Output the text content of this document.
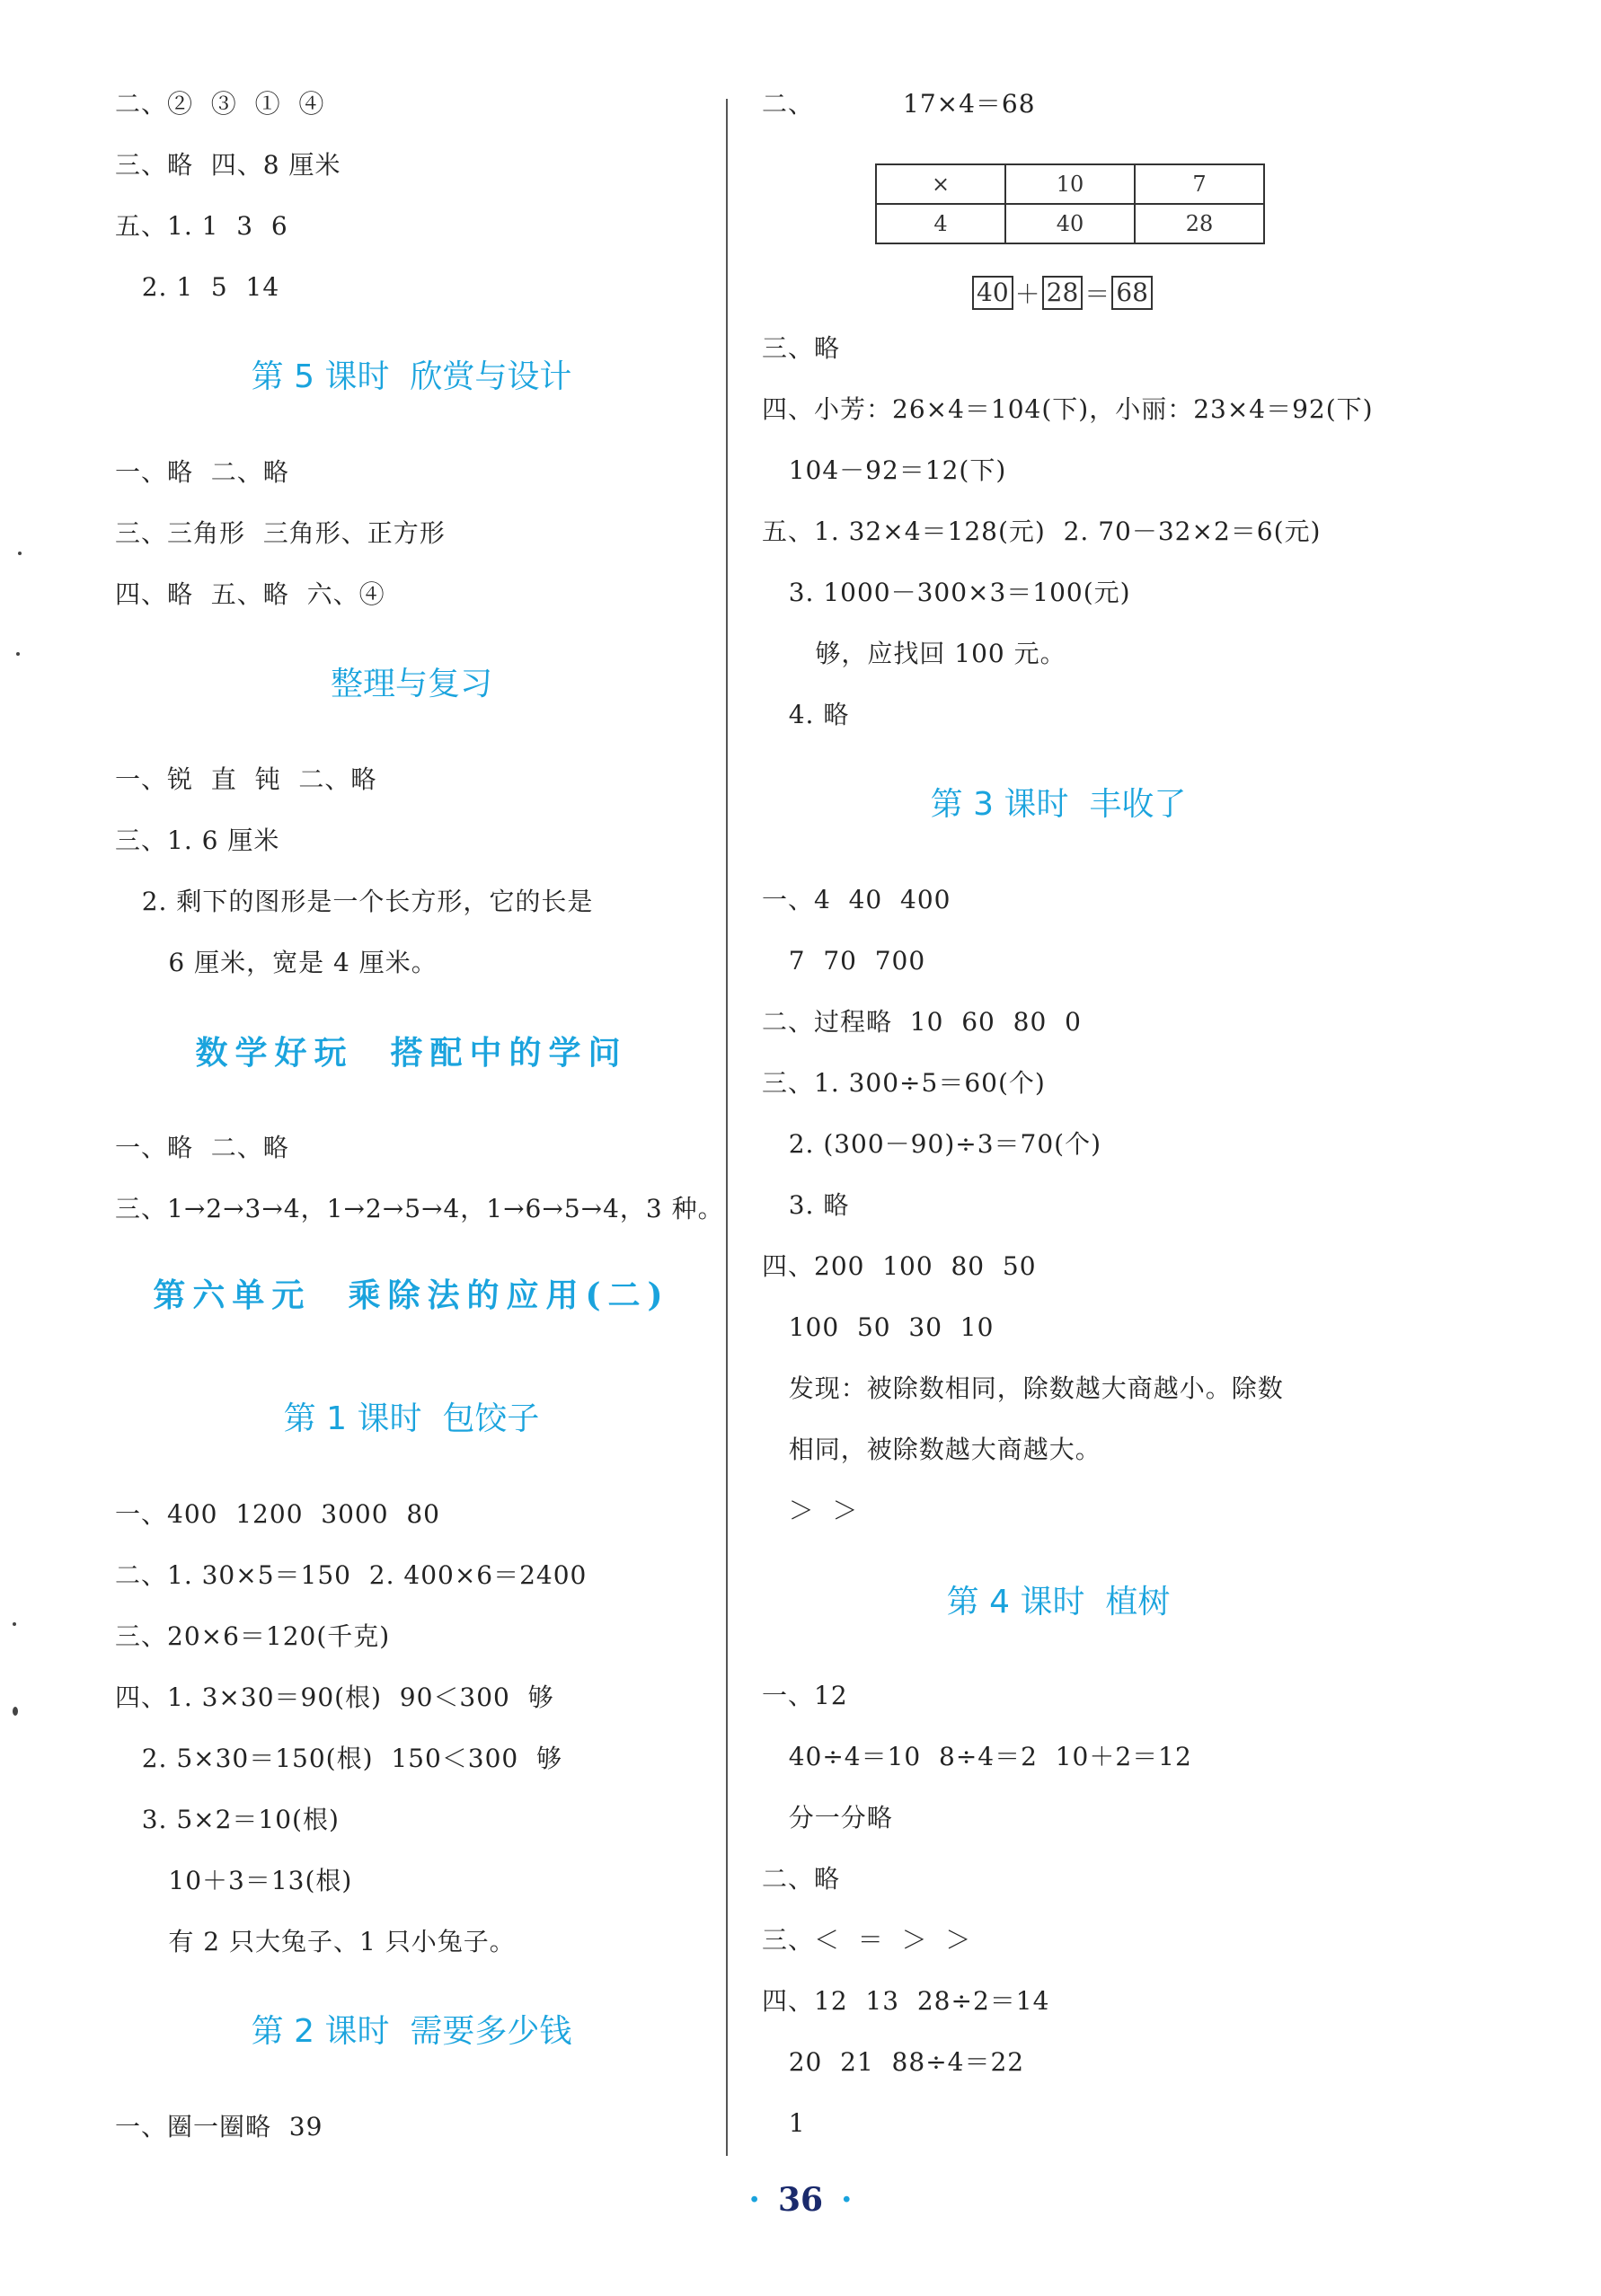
二、②  ③  ①  ④
三、略  四、8 厘米
五、1. 1  3  6
2. 1  5  14
一、略  二、略
三、三角形  三角形、正方形
四、略  五、略  六、④
一、锐  直  钝  二、略
三、1. 6 厘米
2. 剩下的图形是一个长方形，它的长是
6 厘米，宽是 4 厘米。
一、略  二、略
三、1→2→3→4，1→2→5→4，1→6→5→4，3 种。
一、400  1200  3000  80
二、1. 30×5＝150  2. 400×6＝2400
三、20×6＝120(千克)
四、1. 3×30＝90(根)  90＜300  够
2. 5×30＝150(根)  150＜300  够
3. 5×2＝10(根)
10＋3＝13(根)
有 2 只大兔子、1 只小兔子。
一、圈一圈略  39
第 5 课时  欣赏与设计
整理与复习
数学好玩  搭配中的学问
第六单元  乘除法的应用(二)
第 1 课时  包饺子
第 2 课时  需要多少钱
二、          17×4＝68
三、略
四、小芳：26×4＝104(下)，小丽：23×4＝92(下)
104－92＝12(下)
五、1. 32×4＝128(元)  2. 70－32×2＝6(元)
3. 1000－300×3＝100(元)
够，应找回 100 元。
4. 略
一、4  40  400
7  70  700
二、过程略  10  60  80  0
三、1. 300÷5＝60(个)
2. (300－90)÷3＝70(个)
3. 略
四、200  100  80  50
100  50  30  10
发现：被除数相同，除数越大商越小。除数
相同，被除数越大商越大。
＞  ＞
一、12
40÷4＝10  8÷4＝2  10＋2＝12
分一分略
二、略
三、＜  ＝  ＞  ＞
四、12  13  28÷2＝14
20  21  88÷4＝22
1
第 3 课时  丰收了
第 4 课时  植树
×	10	7
4	40	28
40 ＋ 28 ＝ 68
· 36 ·
